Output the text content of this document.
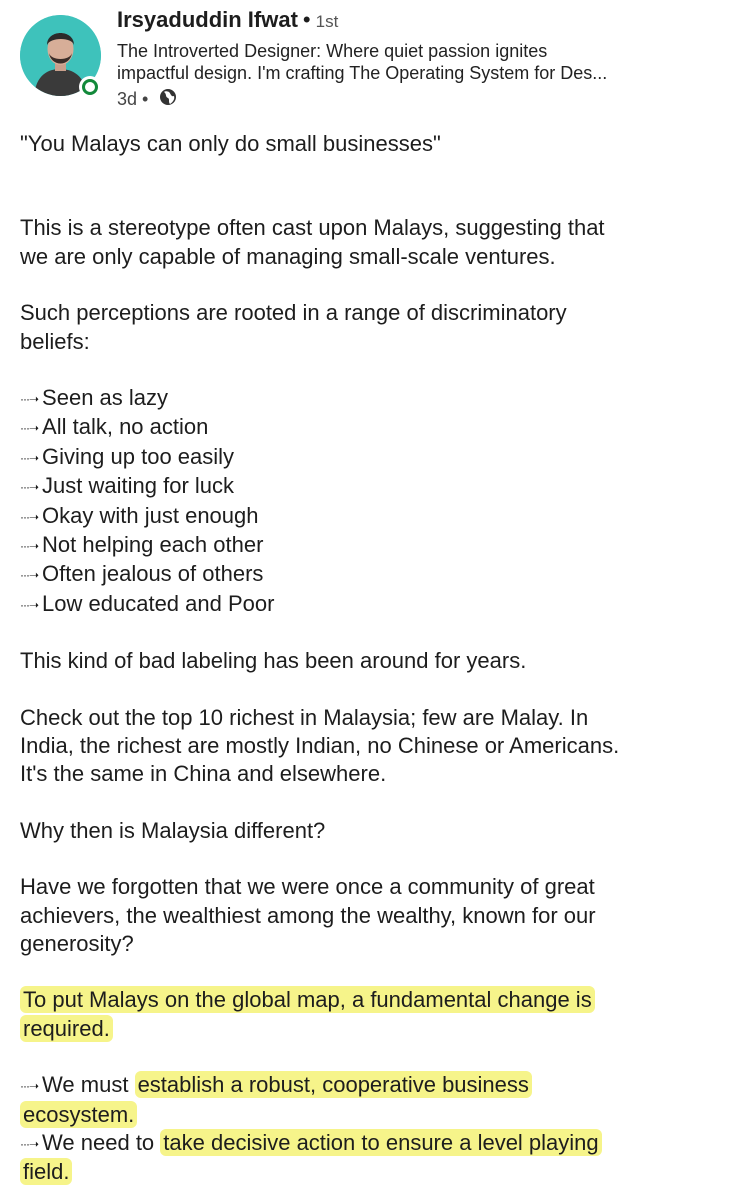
Irsyaduddin Ifwat • 1st
The Introverted Designer: Where quiet passion ignites
impactful design. I'm crafting The Operating System for Des...
3d •

"You Malays can only do small businesses"

This is a stereotype often cast upon Malays, suggesting that

we are only capable of managing small-scale ventures.

Such perceptions are rooted in a range of discriminatory

beliefs:

···➝ Seen as lazy
···➝ All talk, no action
···➝ Giving up too easily
···➝ Just waiting for luck
···➝ Okay with just enough
···➝ Not helping each other
···➝ Often jealous of others
···➝ Low educated and Poor

This kind of bad labeling has been around for years.

Check out the top 10 richest in Malaysia; few are Malay. In

India, the richest are mostly Indian, no Chinese or Americans.

It's the same in China and elsewhere.

Why then is Malaysia different?

Have we forgotten that we were once a community of great

achievers, the wealthiest among the wealthy, known for our

generosity?

To put Malays on the global map, a fundamental change is

required.

···➝ We must establish a robust, cooperative business
ecosystem.
···➝ We need to take decisive action to ensure a level playing
field.
